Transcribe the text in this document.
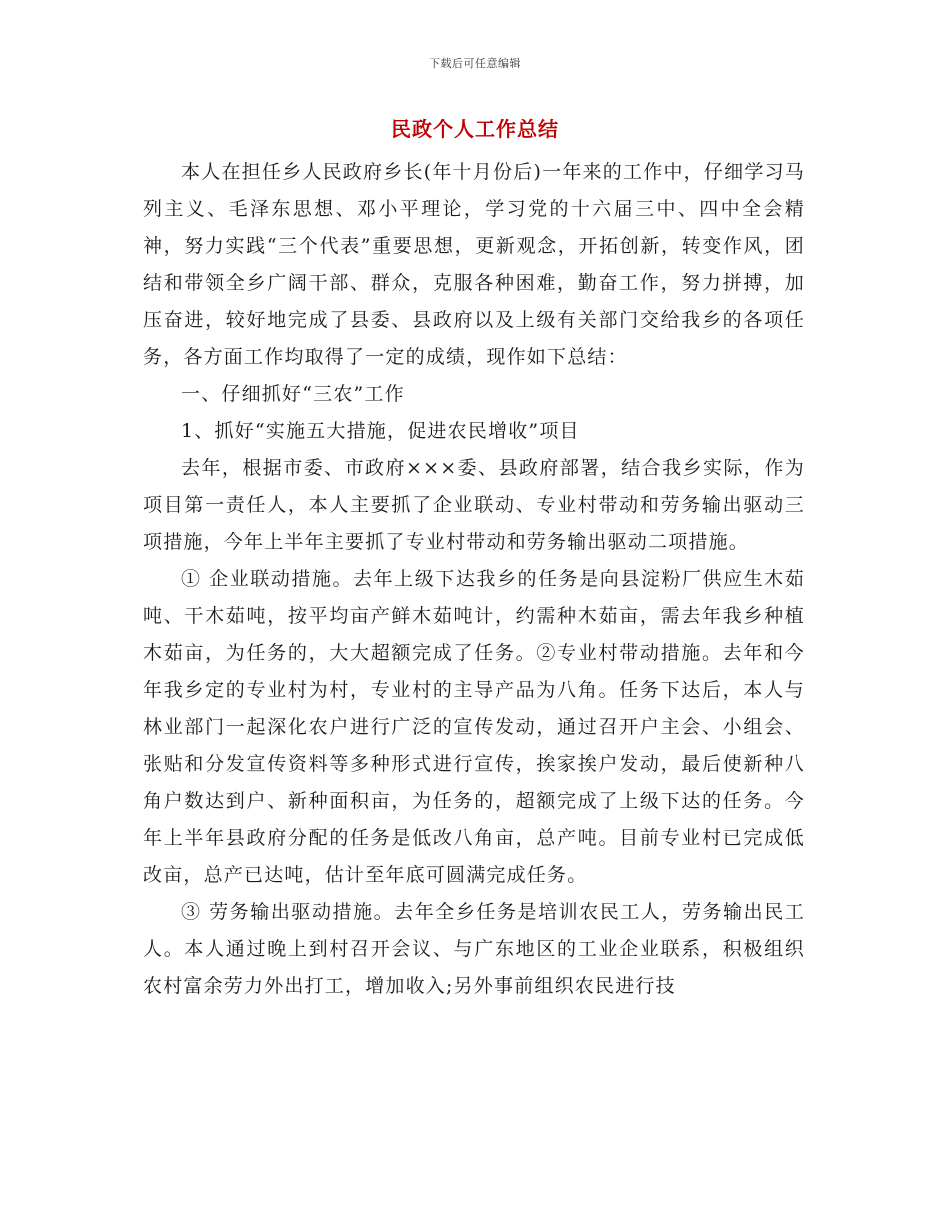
下载后可任意编辑
民政个人工作总结

本人在担任乡人民政府乡长(年十月份后)一年来的工作中，仔细学习马列主义、毛泽东思想、邓小平理论，学习党的十六届三中、四中全会精神，努力实践“三个代表”重要思想，更新观念，开拓创新，转变作风，团结和带领全乡广阔干部、群众，克服各种困难，勤奋工作，努力拼搏，加压奋进，较好地完成了县委、县政府以及上级有关部门交给我乡的各项任务，各方面工作均取得了一定的成绩，现作如下总结：

一、仔细抓好“三农”工作

1、抓好“实施五大措施，促进农民增收”项目

去年，根据市委、市政府×××委、县政府部署，结合我乡实际，作为项目第一责任人，本人主要抓了企业联动、专业村带动和劳务输出驱动三项措施，今年上半年主要抓了专业村带动和劳务输出驱动二项措施。

① 企业联动措施。去年上级下达我乡的任务是向县淀粉厂供应生木茹吨、干木茹吨，按平均亩产鲜木茹吨计，约需种木茹亩，需去年我乡种植木茹亩，为任务的，大大超额完成了任务。②专业村带动措施。去年和今年我乡定的专业村为村，专业村的主导产品为八角。任务下达后，本人与林业部门一起深化农户进行广泛的宣传发动，通过召开户主会、小组会、张贴和分发宣传资料等多种形式进行宣传，挨家挨户发动，最后使新种八角户数达到户、新种面积亩，为任务的，超额完成了上级下达的任务。今年上半年县政府分配的任务是低改八角亩，总产吨。目前专业村已完成低改亩，总产已达吨，估计至年底可圆满完成任务。

③ 劳务输出驱动措施。去年全乡任务是培训农民工人，劳务输出民工人。本人通过晚上到村召开会议、与广东地区的工业企业联系，积极组织农村富余劳力外出打工，增加收入;另外事前组织农民进行技
